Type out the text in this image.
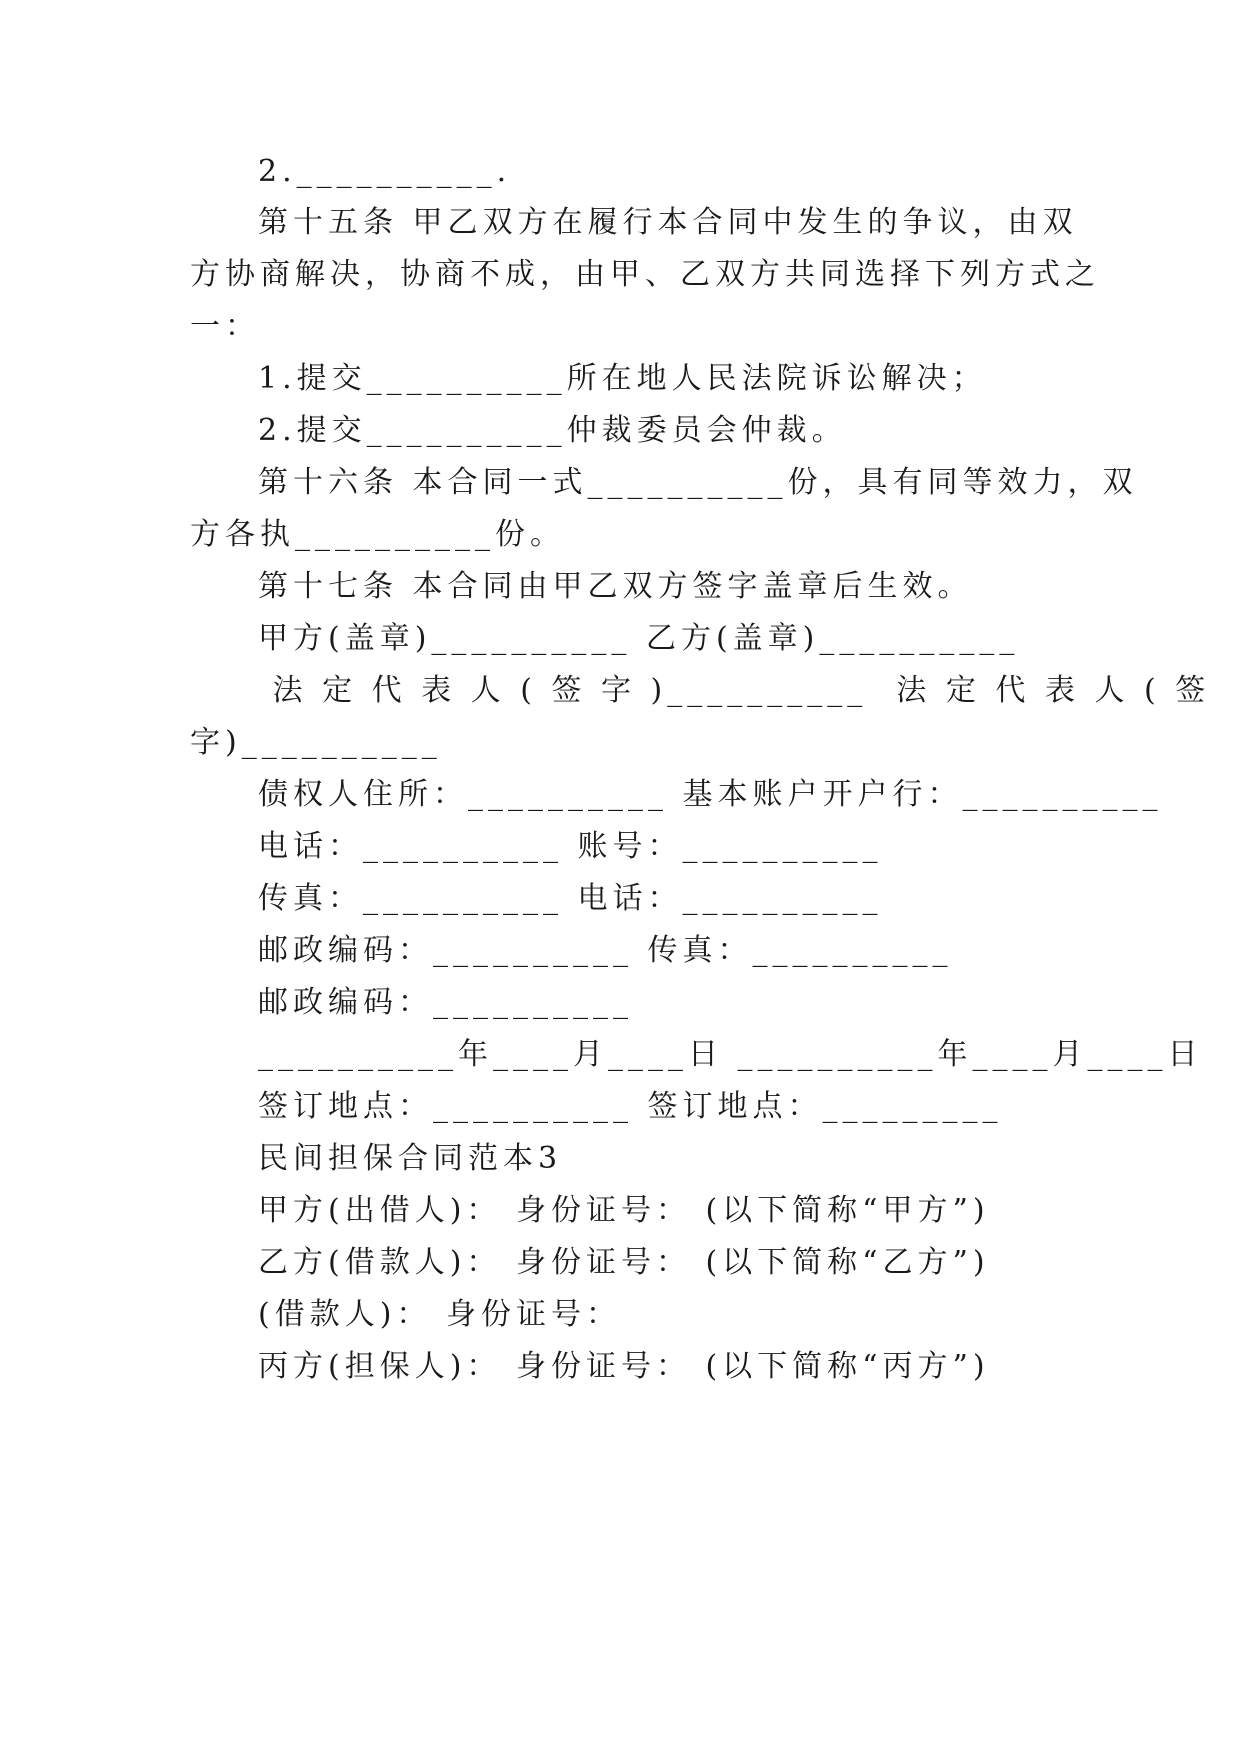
2.__________.
第十五条 甲乙双方在履行本合同中发生的争议，由双
方协商解决，协商不成，由甲、乙双方共同选择下列方式之
一：
1.提交__________所在地人民法院诉讼解决；
2.提交__________仲裁委员会仲裁。
第十六条 本合同一式__________份，具有同等效力，双
方各执__________份。
第十七条 本合同由甲乙双方签字盖章后生效。
甲方(盖章)__________ 乙方(盖章)__________
法 定 代 表 人 ( 签 字 )__________  法 定 代 表 人 ( 签
字)__________
债权人住所：__________ 基本账户开户行：__________
电话：__________ 账号：__________
传真：__________ 电话：__________
邮政编码：__________ 传真：__________
邮政编码：__________
__________年____月____日 __________年____月____日
签订地点：__________ 签订地点：_________
民间担保合同范本3
甲方(出借人)： 身份证号： (以下简称“甲方”)
乙方(借款人)： 身份证号： (以下简称“乙方”)
(借款人)： 身份证号：
丙方(担保人)： 身份证号： (以下简称“丙方”)
